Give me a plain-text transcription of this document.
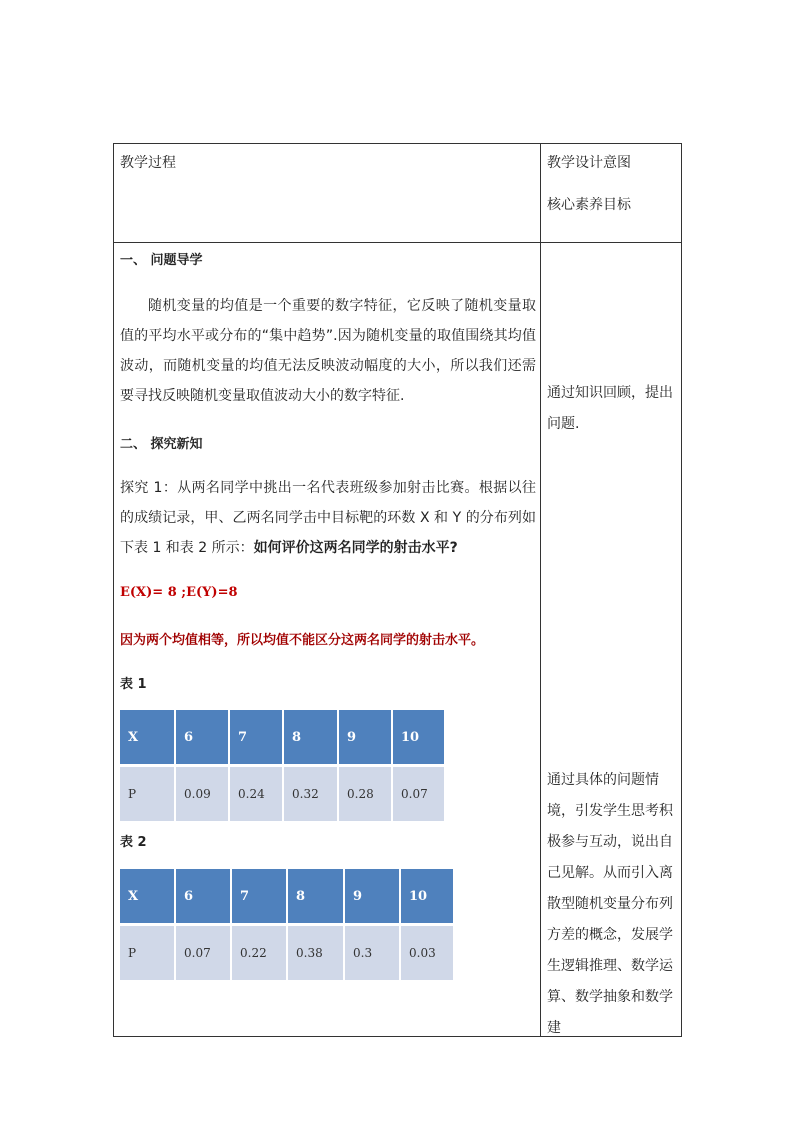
教学过程	教学设计意图
核心素养目标

一、 问题导学
随机变量的均值是一个重要的数字特征，它反映了随机变量取值的平均水平或分布的“集中趋势”.因为随机变量的取值围绕其均值波动，而随机变量的均值无法反映波动幅度的大小，所以我们还需要寻找反映随机变量取值波动大小的数字特征.
二、 探究新知
探究 1：从两名同学中挑出一名代表班级参加射击比赛。根据以往的成绩记录，甲、乙两名同学击中目标靶的环数 X 和 Y 的分布列如下表 1 和表 2 所示：如何评价这两名同学的射击水平?
E(X)= 8 ;E(Y)=8
因为两个均值相等，所以均值不能区分这两名同学的射击水平。
表 1
X	6	7	8	9	10
P	0.09	0.24	0.32	0.28	0.07
表 2
X	6	7	8	9	10
P	0.07	0.22	0.38	0.3	0.03

通过知识回顾，提出问题.
通过具体的问题情境，引发学生思考积极参与互动，说出自己见解。从而引入离散型随机变量分布列方差的概念，发展学生逻辑推理、数学运算、数学抽象和数学建
